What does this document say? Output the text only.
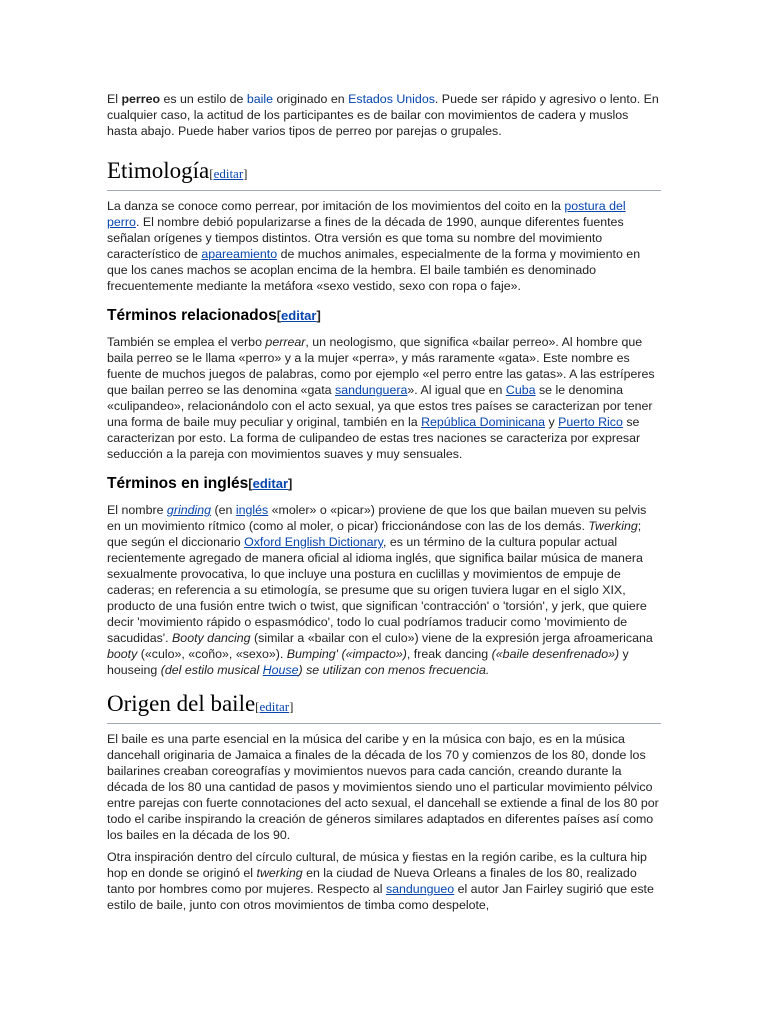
El perreo es un estilo de baile originado en Estados Unidos. Puede ser rápido y agresivo o lento. En cualquier caso, la actitud de los participantes es de bailar con movimientos de cadera y muslos hasta abajo. Puede haber varios tipos de perreo por parejas o grupales.

Etimología[editar]

La danza se conoce como perrear, por imitación de los movimientos del coito en la postura del perro. El nombre debió popularizarse a fines de la década de 1990, aunque diferentes fuentes señalan orígenes y tiempos distintos. Otra versión es que toma su nombre del movimiento característico de apareamiento de muchos animales, especialmente de la forma y movimiento en que los canes machos se acoplan encima de la hembra. El baile también es denominado frecuentemente mediante la metáfora «sexo vestido, sexo con ropa o faje».

Términos relacionados[editar]

También se emplea el verbo perrear, un neologismo, que significa «bailar perreo». Al hombre que baila perreo se le llama «perro» y a la mujer «perra», y más raramente «gata». Este nombre es fuente de muchos juegos de palabras, como por ejemplo «el perro entre las gatas». A las estríperes que bailan perreo se las denomina «gata sandunguera». Al igual que en Cuba se le denomina «culipandeo», relacionándolo con el acto sexual, ya que estos tres países se caracterizan por tener una forma de baile muy peculiar y original, también en la República Dominicana y Puerto Rico se caracterizan por esto. La forma de culipandeo de estas tres naciones se caracteriza por expresar seducción a la pareja con movimientos suaves y muy sensuales.

Términos en inglés[editar]

El nombre grinding (en inglés «moler» o «picar») proviene de que los que bailan mueven su pelvis en un movimiento rítmico (como al moler, o picar) friccionándose con las de los demás. Twerking; que según el diccionario Oxford English Dictionary, es un término de la cultura popular actual recientemente agregado de manera oficial al idioma inglés, que significa bailar música de manera sexualmente provocativa, lo que incluye una postura en cuclillas y movimientos de empuje de caderas; en referencia a su etimología, se presume que su origen tuviera lugar en el siglo XIX, producto de una fusión entre twich o twist, que significan 'contracción' o 'torsión', y jerk, que quiere decir 'movimiento rápido o espasmódico', todo lo cual podríamos traducir como 'movimiento de sacudidas'. Booty dancing (similar a «bailar con el culo») viene de la expresión jerga afroamericana booty («culo», «coño», «sexo»). Bumping' («impacto»), freak dancing («baile desenfrenado») y houseing (del estilo musical House) se utilizan con menos frecuencia.

Origen del baile[editar]

El baile es una parte esencial en la música del caribe y en la música con bajo, es en la música dancehall originaria de Jamaica a finales de la década de los 70 y comienzos de los 80, donde los bailarines creaban coreografías y movimientos nuevos para cada canción, creando durante la década de los 80 una cantidad de pasos y movimientos siendo uno el particular movimiento pélvico entre parejas con fuerte connotaciones del acto sexual, el dancehall se extiende a final de los 80 por todo el caribe inspirando la creación de géneros similares adaptados en diferentes países así como los bailes en la década de los 90.

Otra inspiración dentro del círculo cultural, de música y fiestas en la región caribe, es la cultura hip hop en donde se originó el twerking en la ciudad de Nueva Orleans a finales de los 80, realizado tanto por hombres como por mujeres. Respecto al sandungueo el autor Jan Fairley sugirió que este estilo de baile, junto con otros movimientos de timba como despelote,
